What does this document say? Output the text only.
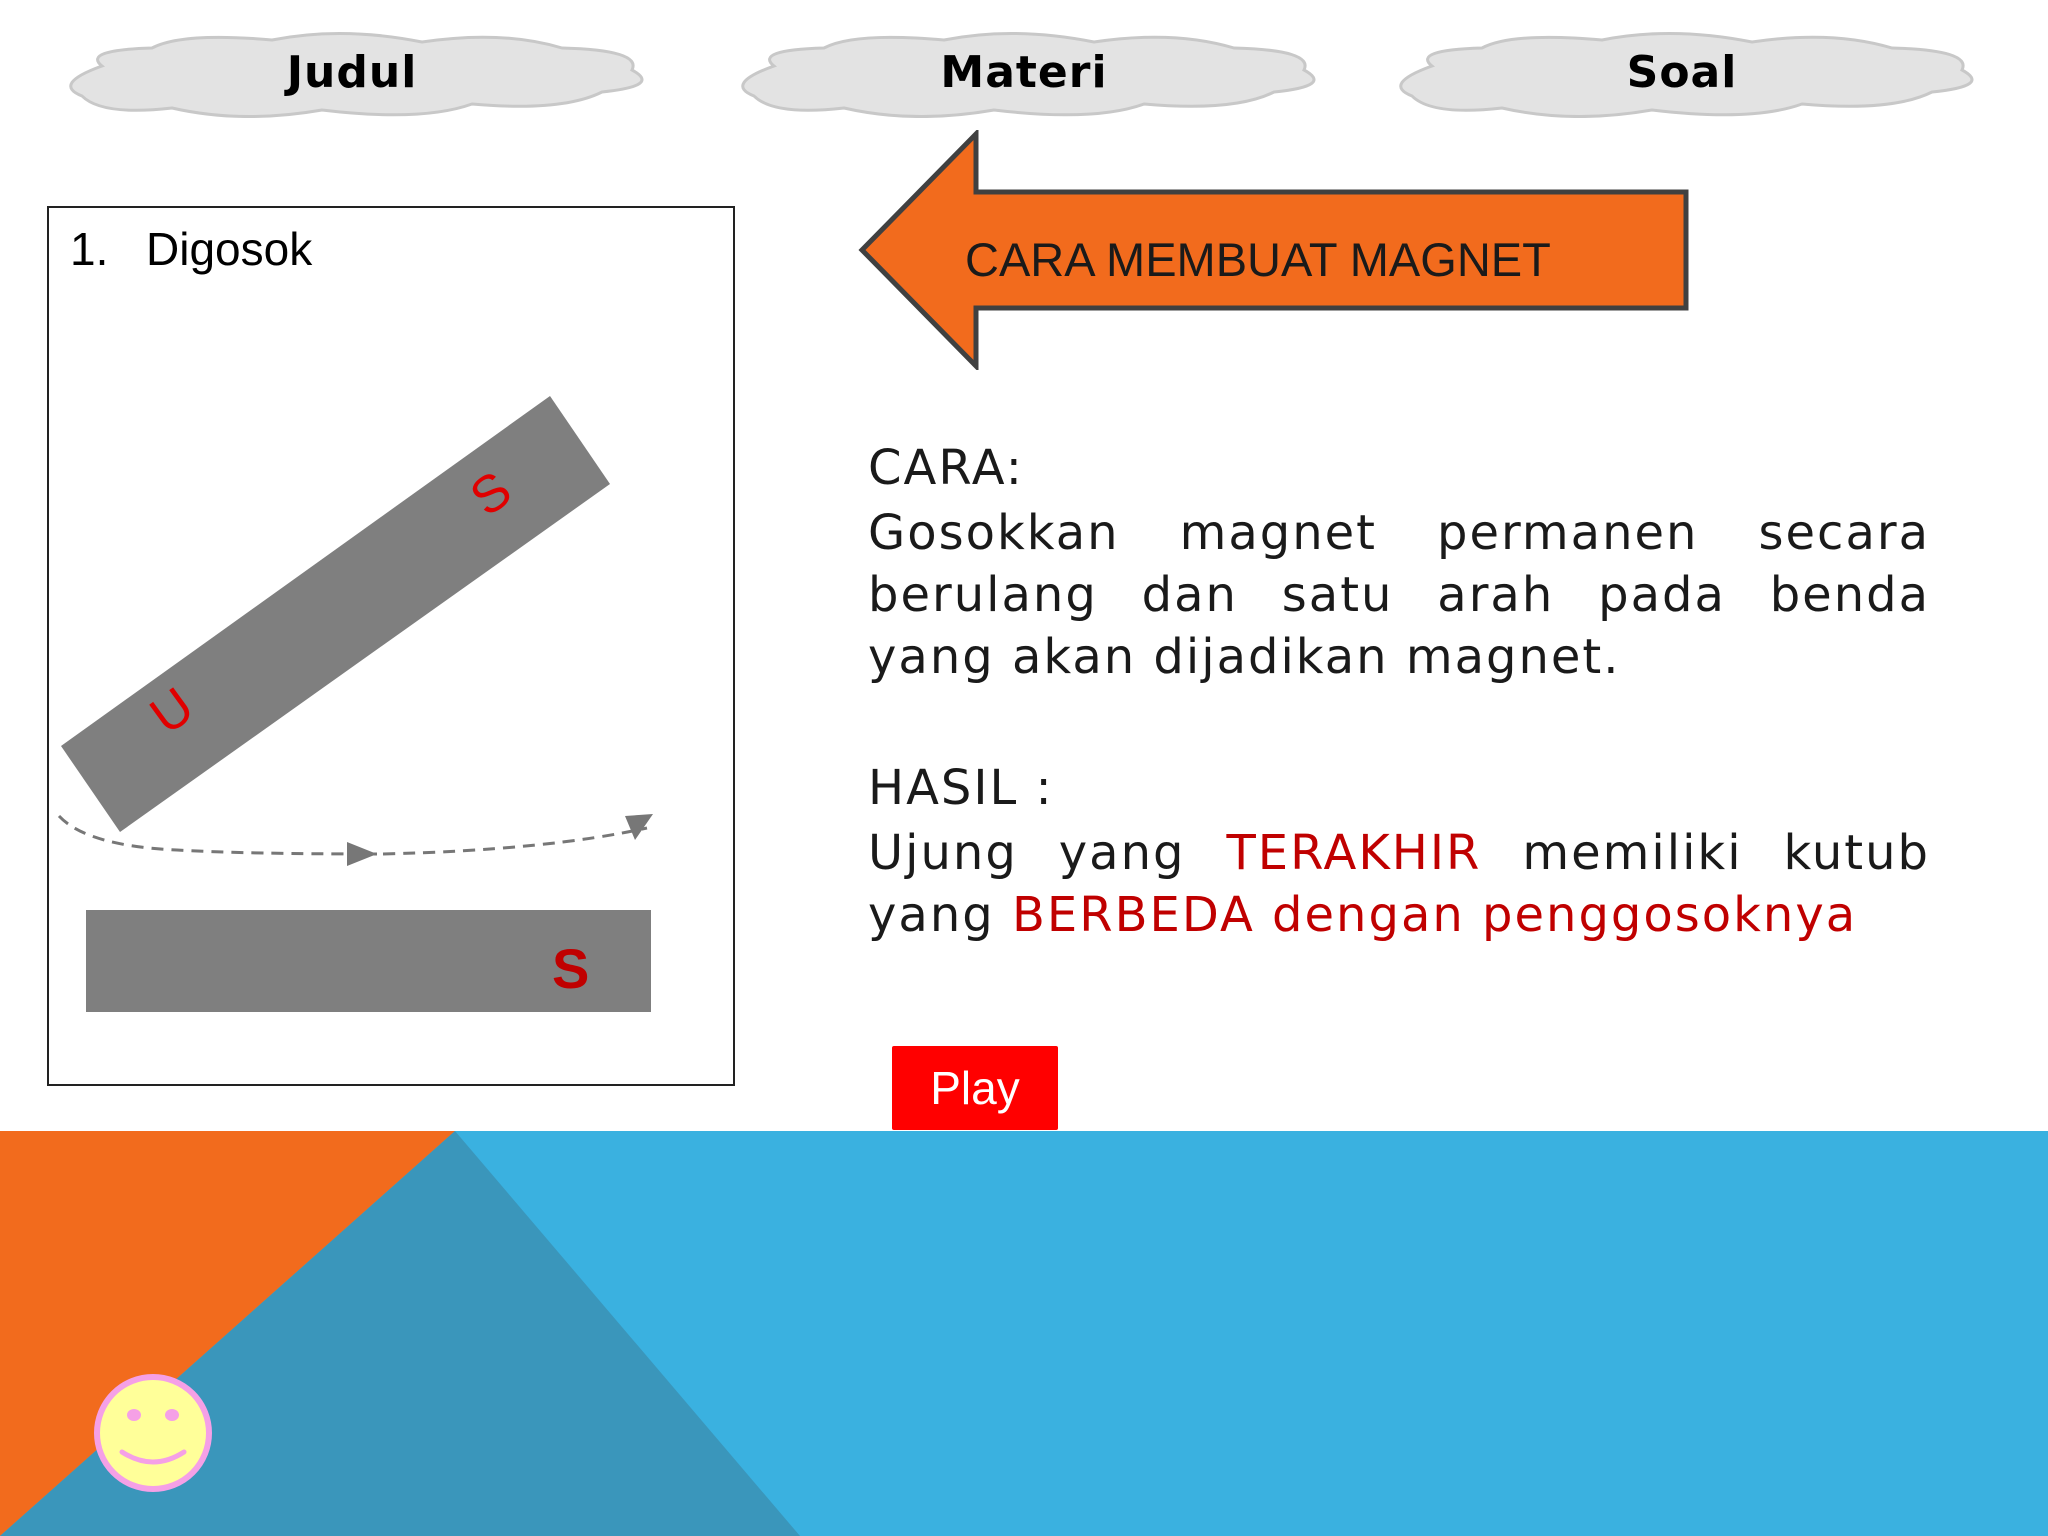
Judul	Materi	Soal
1. Digosok
U
S
S
CARA MEMBUAT MAGNET
CARA:
Gosokkan magnet permanen secara berulang dan satu arah pada benda yang akan dijadikan magnet.
HASIL :
Ujung yang TERAKHIR memiliki kutub yang BERBEDA dengan penggosoknya
Play
